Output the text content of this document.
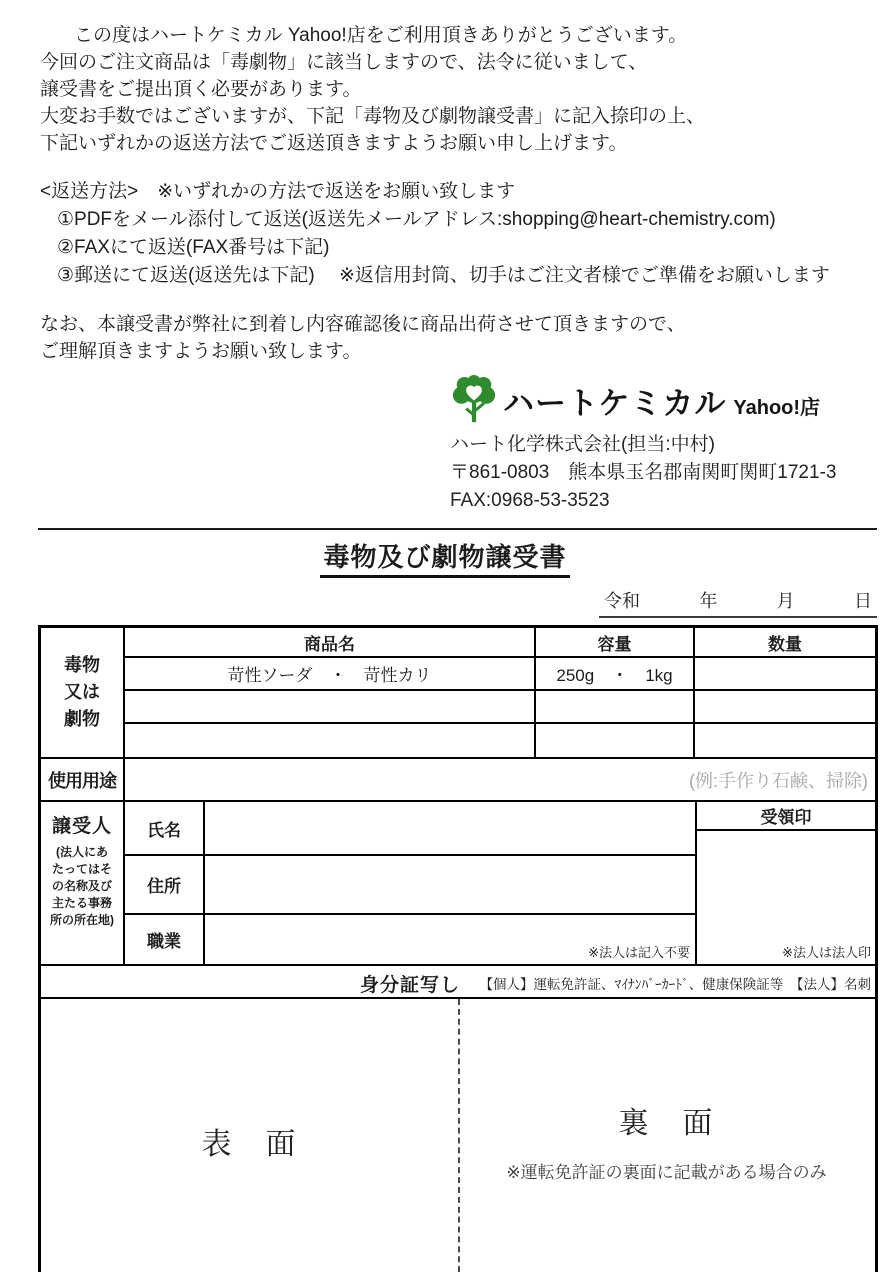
この度はハートケミカル Yahoo!店をご利用頂きありがとうございます。
今回のご注文商品は「毒劇物」に該当しますので、法令に従いまして、
譲受書をご提出頂く必要があります。
大変お手数ではございますが、下記「毒物及び劇物譲受書」に記入捺印の上、
下記いずれかの返送方法でご返送頂きますようお願い申し上げます。
<返送方法>　※いずれかの方法で返送をお願い致します
①PDFをメール添付して返送(返送先メールアドレス:shopping@heart-chemistry.com)
②FAXにて返送(FAX番号は下記)
③郵送にて返送(返送先は下記)　 ※返信用封筒、切手はご注文者様でご準備をお願いします
なお、本譲受書が弊社に到着し内容確認後に商品出荷させて頂きますので、
ご理解頂きますようお願い致します。
ハートケミカル Yahoo!店
ハート化学株式会社(担当:中村)
〒861-0803　熊本県玉名郡南関町関町1721-3
FAX:0968-53-3523
毒物及び劇物譲受書
令和	年	月	日
毒物
又は
劇物
商品名	容量	数量
苛性ソーダ　・　苛性カリ	250g　・　1kg
使用用途	(例:手作り石鹸、掃除)
譲受人
(法人にあ
たってはそ
の名称及び
主たる事務
所の所在地)
氏名
住所
職業
※法人は記入不要
受領印
※法人は法人印
身分証写し	【個人】運転免許証、ﾏｲﾅﾝﾊﾞｰｶｰﾄﾞ、健康保険証等　【法人】名刺
表　面
裏　面
※運転免許証の裏面に記載がある場合のみ
